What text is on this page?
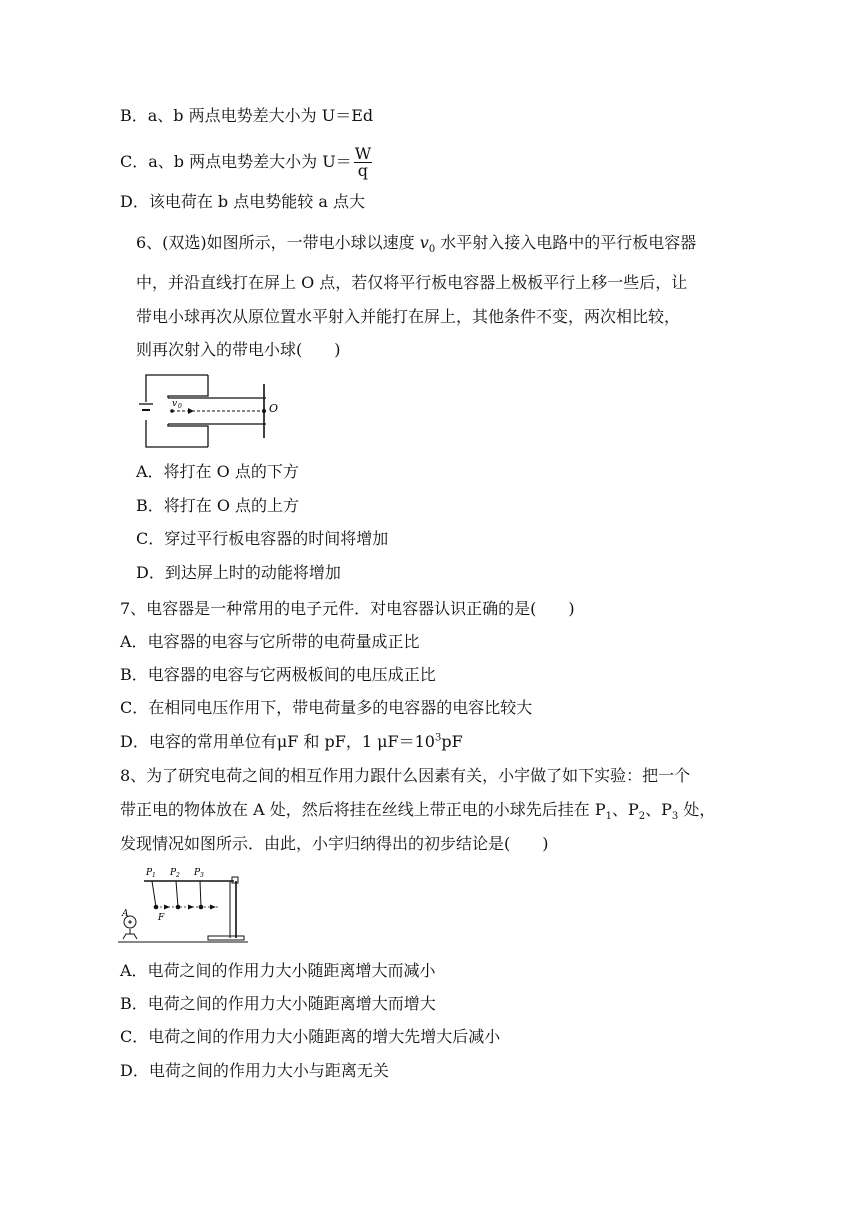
B．a、b 两点电势差大小为 U＝Ed
C．a、b 两点电势差大小为 $U= \frac{W}{q}$
D．该电荷在 b 点电势能较 a 点大
6、(双选)如图所示，一带电小球以速度 $v_0$ 水平射入接入电路中的平行板电容器
中，并沿直线打在屏上 O 点，若仅将平行板电容器上极板平行上移一些后，让
带电小球再次从原位置水平射入并能打在屏上，其他条件不变，两次相比较，
则再次射入的带电小球(　　)
v 0	O
A．将打在 O 点的下方
B．将打在 O 点的上方
C．穿过平行板电容器的时间将增加
D．到达屏上时的动能将增加
7、电容器是一种常用的电子元件．对电容器认识正确的是(　　)
A．电容器的电容与它所带的电荷量成正比
B．电容器的电容与它两极板间的电压成正比
C．在相同电压作用下，带电荷量多的电容器的电容比较大
D．电容的常用单位有μF 和 pF，1 $\mu F=10^3pF$
8、为了研究电荷之间的相互作用力跟什么因素有关，小宇做了如下实验：把一个
带正电的物体放在 A 处，然后将挂在丝线上带正电的小球先后挂在 $P_1$、$P_2$、$P_3$ 处，
发现情况如图所示．由此，小宇归纳得出的初步结论是(　　)
P 1 P 2 P 3
A	F
A．电荷之间的作用力大小随距离增大而减小
B．电荷之间的作用力大小随距离增大而增大
C．电荷之间的作用力大小随距离的增大先增大后减小
D．电荷之间的作用力大小与距离无关
